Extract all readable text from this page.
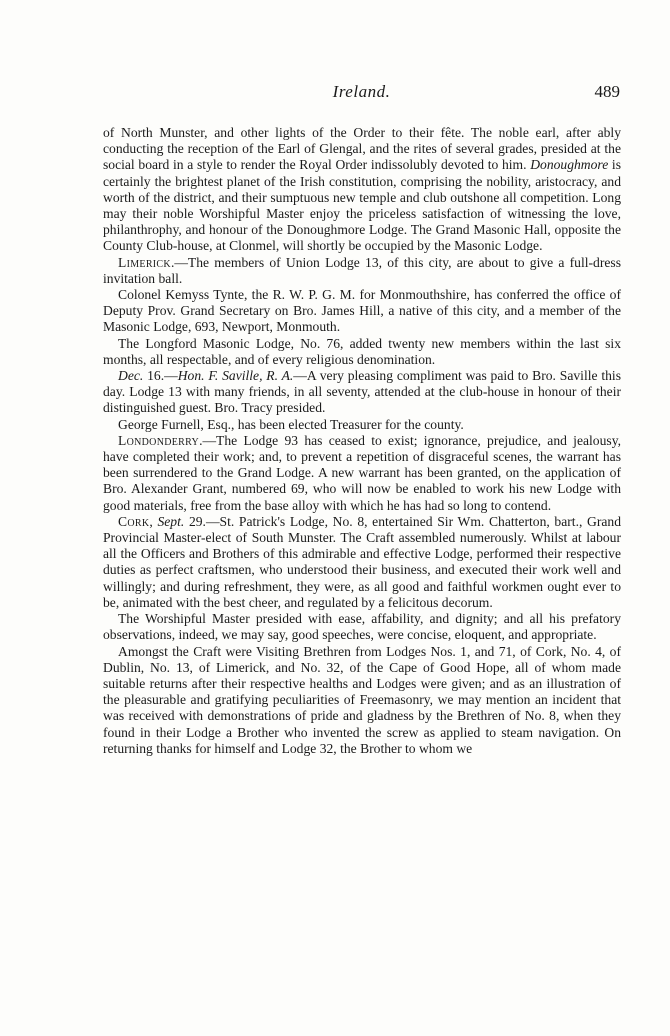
Ireland.	489

of North Munster, and other lights of the Order to their fête. The noble earl, after ably conducting the reception of the Earl of Glengal, and the rites of several grades, presided at the social board in a style to render the Royal Order indissolubly devoted to him. Donoughmore is certainly the brightest planet of the Irish constitution, comprising the nobility, aristocracy, and worth of the district, and their sumptuous new temple and club outshone all competition. Long may their noble Worshipful Master enjoy the priceless satisfaction of witnessing the love, philanthrophy, and honour of the Donoughmore Lodge. The Grand Masonic Hall, opposite the County Club-house, at Clonmel, will shortly be occupied by the Masonic Lodge.

Limerick.—The members of Union Lodge 13, of this city, are about to give a full-dress invitation ball.

Colonel Kemyss Tynte, the R. W. P. G. M. for Monmouthshire, has conferred the office of Deputy Prov. Grand Secretary on Bro. James Hill, a native of this city, and a member of the Masonic Lodge, 693, Newport, Monmouth.

The Longford Masonic Lodge, No. 76, added twenty new members within the last six months, all respectable, and of every religious denomination.

Dec. 16.—Hon. F. Saville, R. A.—A very pleasing compliment was paid to Bro. Saville this day. Lodge 13 with many friends, in all seventy, attended at the club-house in honour of their distinguished guest. Bro. Tracy presided.

George Furnell, Esq., has been elected Treasurer for the county.

Londonderry.—The Lodge 93 has ceased to exist; ignorance, prejudice, and jealousy, have completed their work; and, to prevent a repetition of disgraceful scenes, the warrant has been surrendered to the Grand Lodge. A new warrant has been granted, on the application of Bro. Alexander Grant, numbered 69, who will now be enabled to work his new Lodge with good materials, free from the base alloy with which he has had so long to contend.

Cork, Sept. 29.—St. Patrick's Lodge, No. 8, entertained Sir Wm. Chatterton, bart., Grand Provincial Master-elect of South Munster. The Craft assembled numerously. Whilst at labour all the Officers and Brothers of this admirable and effective Lodge, performed their respective duties as perfect craftsmen, who understood their business, and executed their work well and willingly; and during refreshment, they were, as all good and faithful workmen ought ever to be, animated with the best cheer, and regulated by a felicitous decorum.

The Worshipful Master presided with ease, affability, and dignity; and all his prefatory observations, indeed, we may say, good speeches, were concise, eloquent, and appropriate.

Amongst the Craft were Visiting Brethren from Lodges Nos. 1, and 71, of Cork, No. 4, of Dublin, No. 13, of Limerick, and No. 32, of the Cape of Good Hope, all of whom made suitable returns after their respective healths and Lodges were given; and as an illustration of the pleasurable and gratifying peculiarities of Freemasonry, we may mention an incident that was received with demonstrations of pride and gladness by the Brethren of No. 8, when they found in their Lodge a Brother who invented the screw as applied to steam navigation. On returning thanks for himself and Lodge 32, the Brother to whom we
